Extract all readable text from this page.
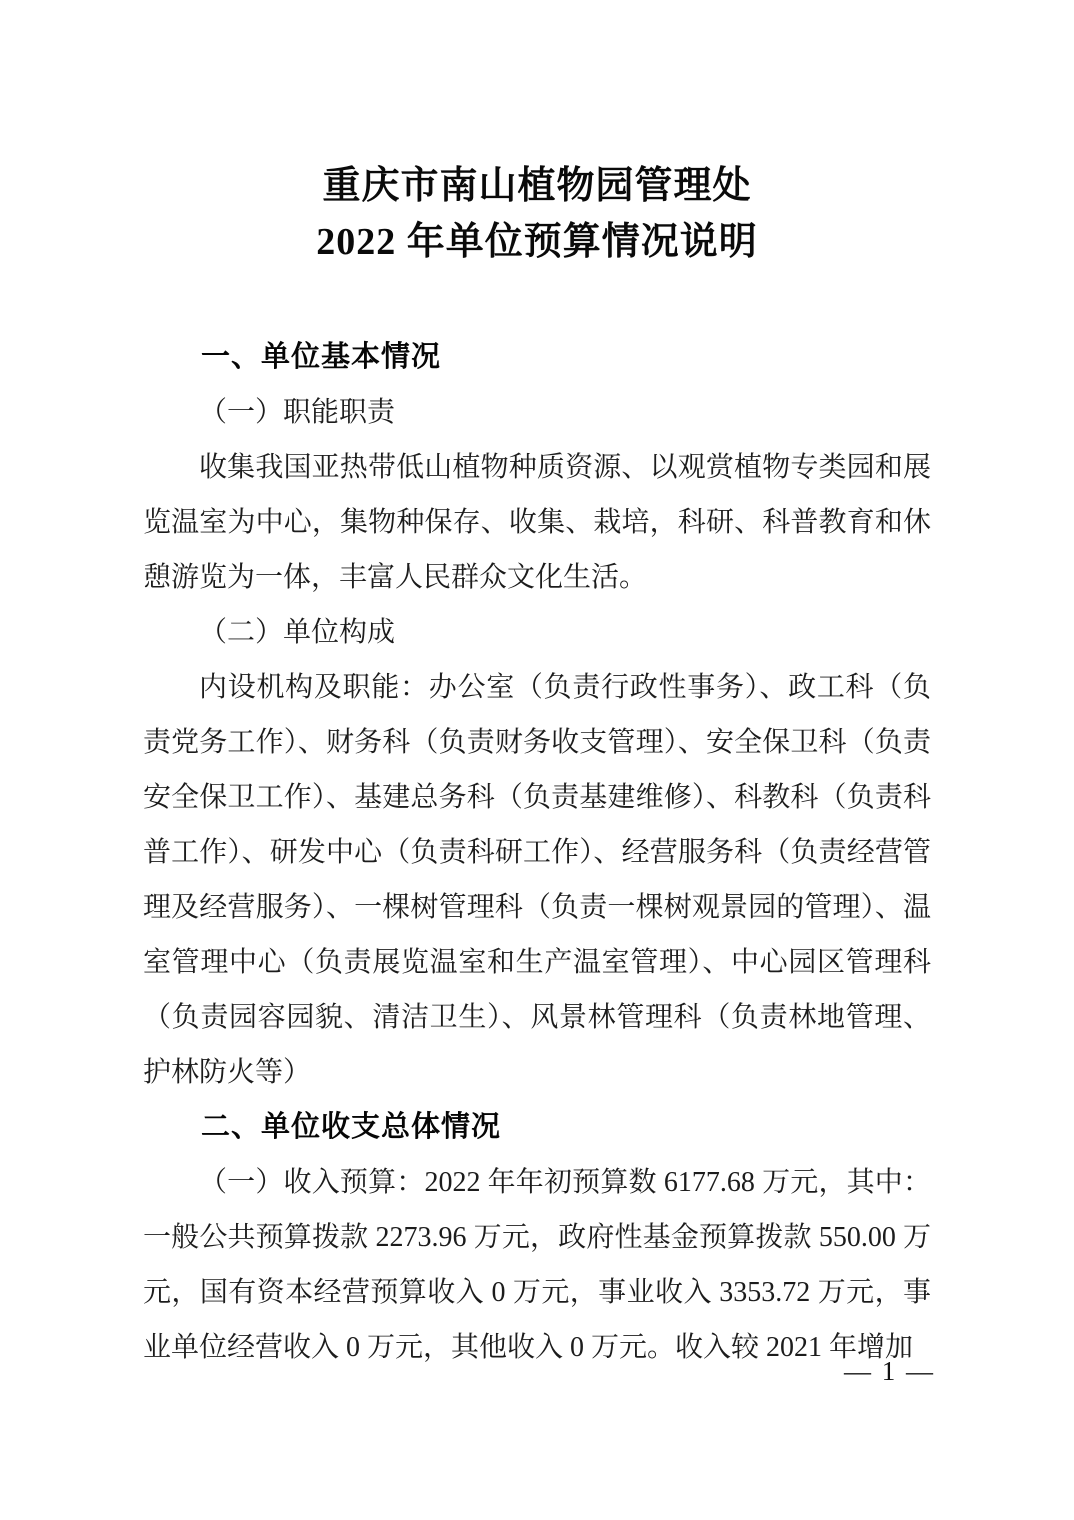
重庆市南山植物园管理处
2022 年单位预算情况说明
一、单位基本情况
（一）职能职责

收集我国亚热带低山植物种质资源、以观赏植物专类园和展览温室为中心，集物种保存、收集、栽培，科研、科普教育和休憩游览为一体，丰富人民群众文化生活。

（二）单位构成

内设机构及职能：办公室（负责行政性事务）、政工科（负责党务工作）、财务科（负责财务收支管理）、安全保卫科（负责安全保卫工作）、基建总务科（负责基建维修）、科教科（负责科普工作）、研发中心（负责科研工作）、经营服务科（负责经营管理及经营服务）、一棵树管理科（负责一棵树观景园的管理）、温室管理中心（负责展览温室和生产温室管理）、中心园区管理科（负责园容园貌、清洁卫生）、风景林管理科（负责林地管理、护林防火等）

二、单位收支总体情况

（一）收入预算：2022 年年初预算数 6177.68 万元，其中：一般公共预算拨款 2273.96 万元，政府性基金预算拨款 550.00 万元，国有资本经营预算收入 0 万元，事业收入 3353.72 万元，事业单位经营收入 0 万元，其他收入 0 万元。收入较 2021 年增加

— 1 —
